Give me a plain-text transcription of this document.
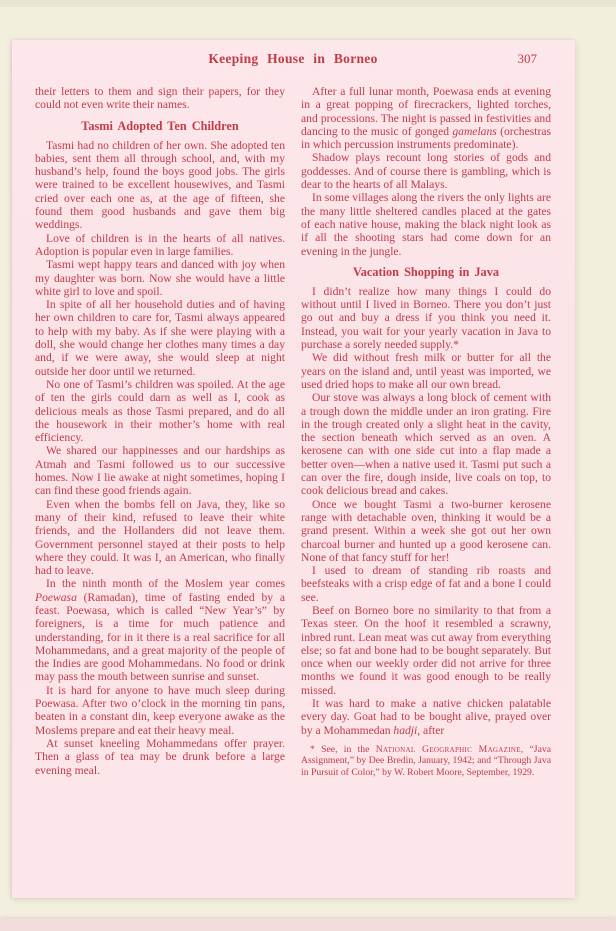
Keeping House in Borneo	307

their letters to them and sign their papers, for they could not even write their names.

Tasmi Adopted Ten Children

Tasmi had no children of her own. She adopted ten babies, sent them all through school, and, with my husband’s help, found the boys good jobs. The girls were trained to be excellent housewives, and Tasmi cried over each one as, at the age of fifteen, she found them good husbands and gave them big weddings.

Love of children is in the hearts of all natives. Adoption is popular even in large families.

Tasmi wept happy tears and danced with joy when my daughter was born. Now she would have a little white girl to love and spoil.

In spite of all her household duties and of having her own children to care for, Tasmi always appeared to help with my baby. As if she were playing with a doll, she would change her clothes many times a day and, if we were away, she would sleep at night outside her door until we returned.

No one of Tasmi’s children was spoiled. At the age of ten the girls could darn as well as I, cook as delicious meals as those Tasmi prepared, and do all the housework in their mother’s home with real efficiency.

We shared our happinesses and our hardships as Atmah and Tasmi followed us to our successive homes. Now I lie awake at night sometimes, hoping I can find these good friends again.

Even when the bombs fell on Java, they, like so many of their kind, refused to leave their white friends, and the Hollanders did not leave them. Government personnel stayed at their posts to help where they could. It was I, an American, who finally had to leave.

In the ninth month of the Moslem year comes Poewasa (Ramadan), time of fasting ended by a feast. Poewasa, which is called “New Year’s” by foreigners, is a time for much patience and understanding, for in it there is a real sacrifice for all Mohammedans, and a great majority of the people of the Indies are good Mohammedans. No food or drink may pass the mouth between sunrise and sunset.

It is hard for anyone to have much sleep during Poewasa. After two o’clock in the morning tin pans, beaten in a constant din, keep everyone awake as the Moslems prepare and eat their heavy meal.

At sunset kneeling Mohammedans offer prayer. Then a glass of tea may be drunk before a large evening meal.

After a full lunar month, Poewasa ends at evening in a great popping of firecrackers, lighted torches, and processions. The night is passed in festivities and dancing to the music of gonged gamelans (orchestras in which percussion instruments predominate).

Shadow plays recount long stories of gods and goddesses. And of course there is gambling, which is dear to the hearts of all Malays.

In some villages along the rivers the only lights are the many little sheltered candles placed at the gates of each native house, making the black night look as if all the shooting stars had come down for an evening in the jungle.

Vacation Shopping in Java

I didn’t realize how many things I could do without until I lived in Borneo. There you don’t just go out and buy a dress if you think you need it. Instead, you wait for your yearly vacation in Java to purchase a sorely needed supply.*

We did without fresh milk or butter for all the years on the island and, until yeast was imported, we used dried hops to make all our own bread.

Our stove was always a long block of cement with a trough down the middle under an iron grating. Fire in the trough created only a slight heat in the cavity, the section beneath which served as an oven. A kerosene can with one side cut into a flap made a better oven—when a native used it. Tasmi put such a can over the fire, dough inside, live coals on top, to cook delicious bread and cakes.

Once we bought Tasmi a two-burner kerosene range with detachable oven, thinking it would be a grand present. Within a week she got out her own charcoal burner and hunted up a good kerosene can. None of that fancy stuff for her!

I used to dream of standing rib roasts and beefsteaks with a crisp edge of fat and a bone I could see.

Beef on Borneo bore no similarity to that from a Texas steer. On the hoof it resembled a scrawny, inbred runt. Lean meat was cut away from everything else; so fat and bone had to be bought separately. But once when our weekly order did not arrive for three months we found it was good enough to be really missed.

It was hard to make a native chicken palatable every day. Goat had to be bought alive, prayed over by a Mohammedan hadji, after

* See, in the National Geographic Magazine, “Java Assignment,” by Dee Bredin, January, 1942; and “Through Java in Pursuit of Color,” by W. Robert Moore, September, 1929.
